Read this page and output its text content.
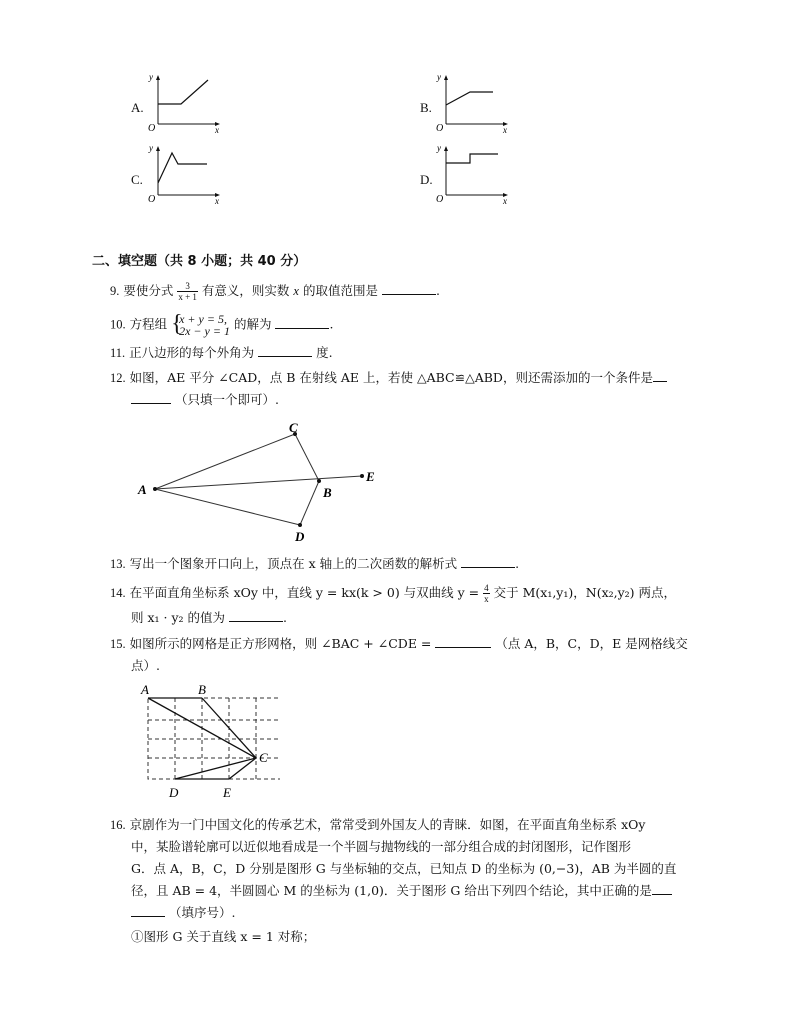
A.
y
x
O
B.
y
x
O
C.
y
x
O
D.
y
x
O
二、填空题（共 8 小题；共 40 分）
9. 要使分式 $\frac{3}{x + 1}$ 有意义，则实数 x 的取值范围是	.
10. 方程组 {
x + y = 5,
2x − y = 1 的解为	.
11. 正八边形的每个外角为	度.
12. 如图，AE 平分 ∠CAD，点 B 在射线 AE 上，若使 △ABC≌△ABD，则还需添加的一个条件是
（只填一个即可）.
A
C
D
B
E
13. 写出一个图象开口向上，顶点在 x 轴上的二次函数的解析式	.
14. 在平面直角坐标系 xOy 中，直线 y = kx(k > 0) 与双曲线 $y = \frac{4}{x}$ 交于 M(x₁,y₁)，N(x₂,y₂) 两点，
则 x₁ · y₂ 的值为	.
15. 如图所示的网格是正方形网格，则 ∠BAC + ∠CDE =	（点 A，B，C，D，E 是网格线交
点）.
A	B
C
D	E
16. 京剧作为一门中国文化的传承艺术，常常受到外国友人的青睐．如图，在平面直角坐标系 xOy
中，某脸谱轮廓可以近似地看成是一个半圆与抛物线的一部分组合成的封闭图形，记作图形
G．点 A，B，C，D 分别是图形 G 与坐标轴的交点，已知点 D 的坐标为 (0,−3)，AB 为半圆的直
径，且 AB = 4，半圆圆心 M 的坐标为 (1,0)．关于图形 G 给出下列四个结论，其中正确的是
（填序号）.
①图形 G 关于直线 x = 1 对称；
